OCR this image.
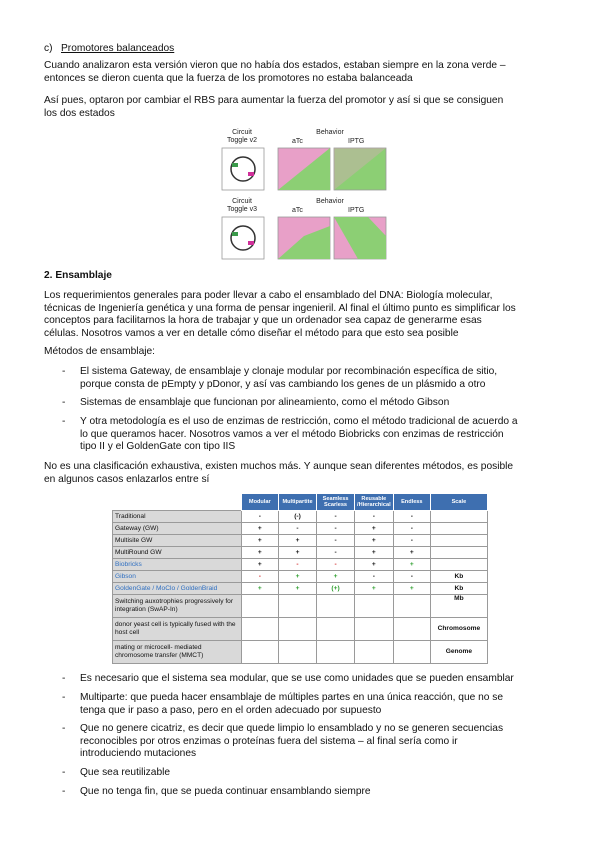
c) Promotores balanceados
Cuando analizaron esta versión vieron que no había dos estados, estaban siempre en la zona verde –
entonces se dieron cuenta que la fuerza de los promotores no estaba balanceada
Así pues, optaron por cambiar el RBS para aumentar la fuerza del promotor y así si que se consiguen
los dos estados
Circuit
Toggle v2
Behavior
aTc	IPTG
Circuit
Toggle v3
Behavior
aTc	IPTG
2. Ensamblaje
Los requerimientos generales para poder llevar a cabo el ensamblado del DNA: Biología molecular,
técnicas de Ingeniería genética y una forma de pensar ingenieril. Al final el último punto es simplificar los
conceptos para facilitarnos la hora de trabajar y que un ordenador sea capaz de generarme esas
células. Nosotros vamos a ver en detalle cómo diseñar el método para que esto sea posible
Métodos de ensamblaje:
- El sistema Gateway, de ensamblaje y clonaje modular por recombinación específica de sitio,
porque consta de pEmpty y pDonor, y así vas cambiando los genes de un plásmido a otro
- Sistemas de ensamblaje que funcionan por alineamiento, como el método Gibson
- Y otra metodología es el uso de enzimas de restricción, como el método tradicional de acuerdo a
lo que queramos hacer. Nosotros vamos a ver el método Biobricks con enzimas de restricción
tipo II y el GoldenGate con tipo IIS
No es una clasificación exhaustiva, existen muchos más. Y aunque sean diferentes métodos, es posible
en algunos casos enlazarlos entre sí
	Modular	Multipartite	Seamless Scarless	Reusable /Hierarchical	Endless	Scale
Traditional	-	(-)	-	-	-	
Gateway (GW)	+	-	-	+	-	
Multisite GW	+	+	-	+	-	
MultiRound GW	+	+	-	+	+	
Biobricks	+	-	-	+	+	
Gibson	-	+	+	-	-	Kb
GoldenGate / MoClo / GoldenBraid	+	+	(+)	+	+	Kb
Switching auxotrophies progressively for integration (SwAP-In)						Mb
donor yeast cell is typically fused with the host cell						Chromosome
mating or microcell- mediated chromosome transfer (MMCT)						Genome
- Es necesario que el sistema sea modular, que se use como unidades que se pueden ensamblar
- Multiparte: que pueda hacer ensamblaje de múltiples partes en una única reacción, que no se
tenga que ir paso a paso, pero en el orden adecuado por supuesto
- Que no genere cicatriz, es decir que quede limpio lo ensamblado y no se generen secuencias
reconocibles por otros enzimas o proteínas fuera del sistema – al final sería como ir
introduciendo mutaciones
- Que sea reutilizable
- Que no tenga fin, que se pueda continuar ensamblando siempre
